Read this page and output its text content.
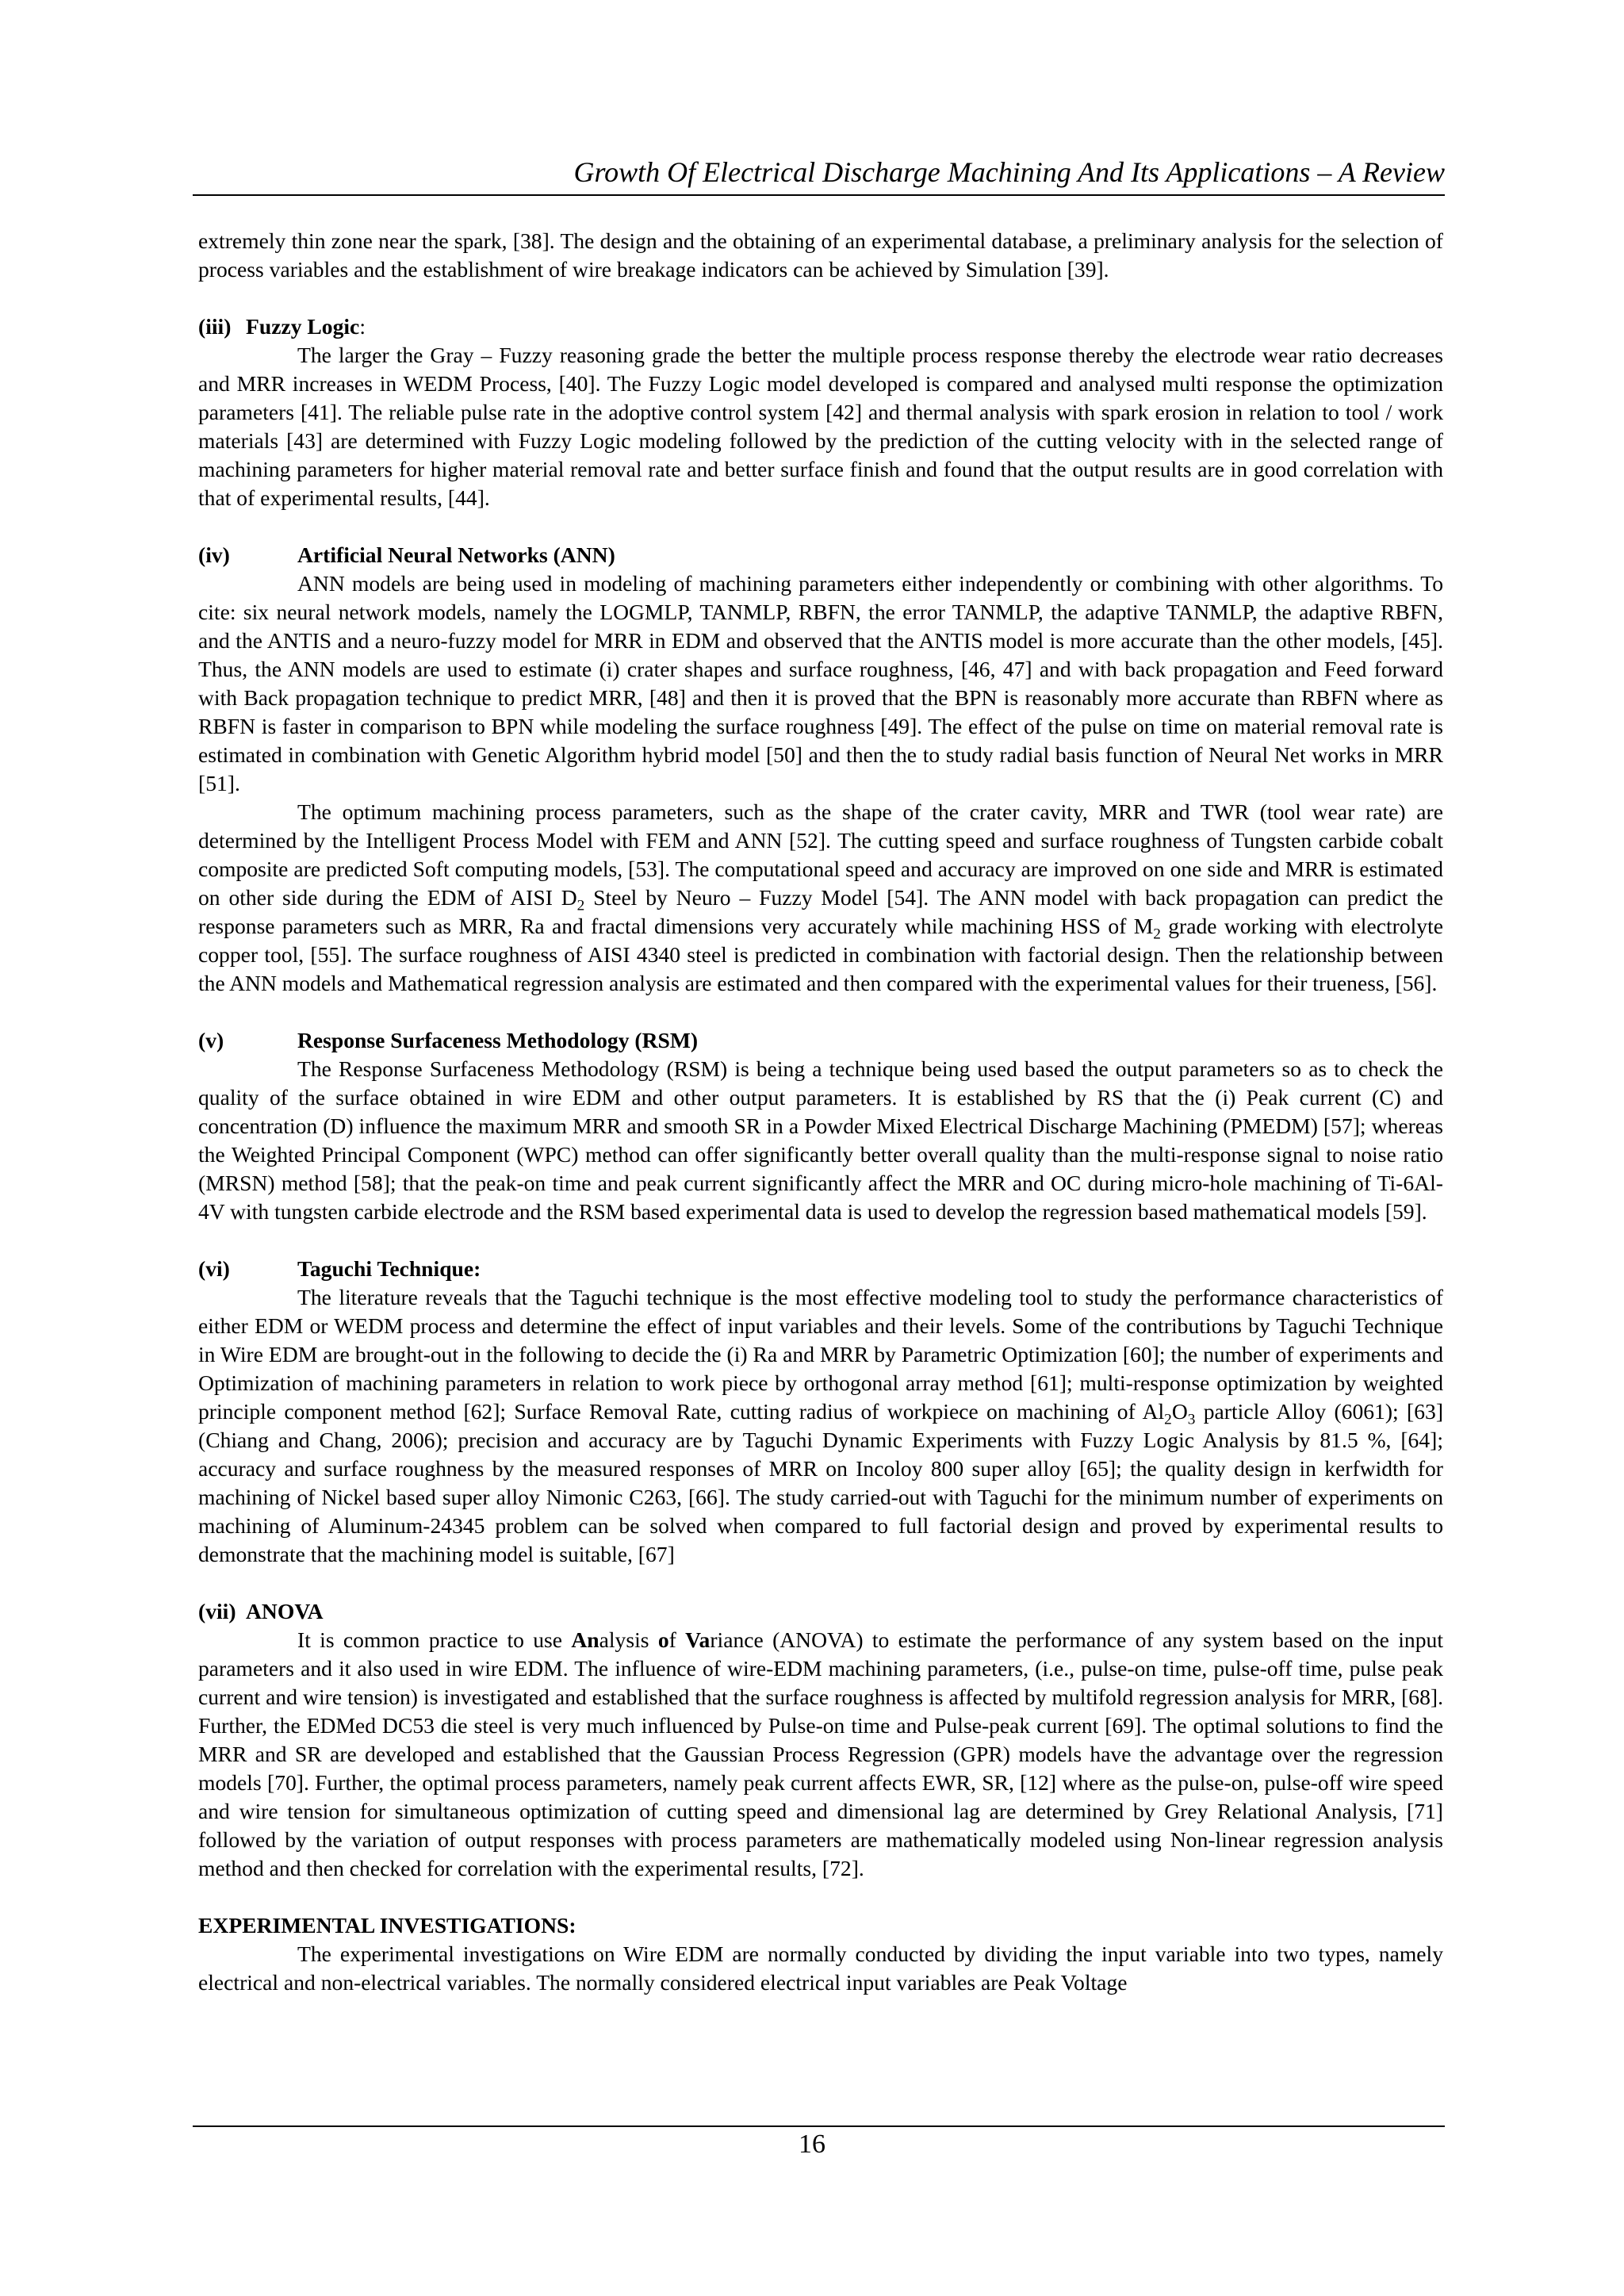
Growth Of Electrical Discharge Machining And Its Applications – A Review

extremely thin zone near the spark, [38]. The design and the obtaining of an experimental database, a preliminary analysis for the selection of process variables and the establishment of wire breakage indicators can be achieved by Simulation [39].

(iii) Fuzzy Logic:

The larger the Gray – Fuzzy reasoning grade the better the multiple process response thereby the electrode wear ratio decreases and MRR increases in WEDM Process, [40]. The Fuzzy Logic model developed is compared and analysed multi response the optimization parameters [41]. The reliable pulse rate in the adoptive control system [42] and thermal analysis with spark erosion in relation to tool / work materials [43] are determined with Fuzzy Logic modeling followed by the prediction of the cutting velocity with in the selected range of machining parameters for higher material removal rate and better surface finish and found that the output results are in good correlation with that of experimental results, [44].

(iv)	Artificial Neural Networks (ANN)

ANN models are being used in modeling of machining parameters either independently or combining with other algorithms. To cite: six neural network models, namely the LOGMLP, TANMLP, RBFN, the error TANMLP, the adaptive TANMLP, the adaptive RBFN, and the ANTIS and a neuro-fuzzy model for MRR in EDM and observed that the ANTIS model is more accurate than the other models, [45]. Thus, the ANN models are used to estimate (i) crater shapes and surface roughness, [46, 47] and with back propagation and Feed forward with Back propagation technique to predict MRR, [48] and then it is proved that the BPN is reasonably more accurate than RBFN where as RBFN is faster in comparison to BPN while modeling the surface roughness [49]. The effect of the pulse on time on material removal rate is estimated in combination with Genetic Algorithm hybrid model [50] and then the to study radial basis function of Neural Net works in MRR [51].

The optimum machining process parameters, such as the shape of the crater cavity, MRR and TWR (tool wear rate) are determined by the Intelligent Process Model with FEM and ANN [52]. The cutting speed and surface roughness of Tungsten carbide cobalt composite are predicted Soft computing models, [53]. The computational speed and accuracy are improved on one side and MRR is estimated on other side during the EDM of AISI $D_2$ Steel by Neuro – Fuzzy Model [54]. The ANN model with back propagation can predict the response parameters such as MRR, Ra and fractal dimensions very accurately while machining HSS of $M_2$ grade working with electrolyte copper tool, [55]. The surface roughness of AISI 4340 steel is predicted in combination with factorial design. Then the relationship between the ANN models and Mathematical regression analysis are estimated and then compared with the experimental values for their trueness, [56].

(v)	Response Surfaceness Methodology (RSM)

The Response Surfaceness Methodology (RSM) is being a technique being used based the output parameters so as to check the quality of the surface obtained in wire EDM and other output parameters. It is established by RS that the (i) Peak current (C) and concentration (D) influence the maximum MRR and smooth SR in a Powder Mixed Electrical Discharge Machining (PMEDM) [57]; whereas the Weighted Principal Component (WPC) method can offer significantly better overall quality than the multi-response signal to noise ratio (MRSN) method [58]; that the peak-on time and peak current significantly affect the MRR and OC during micro-hole machining of Ti-6Al-4V with tungsten carbide electrode and the RSM based experimental data is used to develop the regression based mathematical models [59].

(vi)	Taguchi Technique:

The literature reveals that the Taguchi technique is the most effective modeling tool to study the performance characteristics of either EDM or WEDM process and determine the effect of input variables and their levels. Some of the contributions by Taguchi Technique in Wire EDM are brought-out in the following to decide the (i) Ra and MRR by Parametric Optimization [60]; the number of experiments and Optimization of machining parameters in relation to work piece by orthogonal array method [61]; multi-response optimization by weighted principle component method [62]; Surface Removal Rate, cutting radius of workpiece on machining of $Al_2O_3$ particle Alloy (6061); [63] (Chiang and Chang, 2006); precision and accuracy are by Taguchi Dynamic Experiments with Fuzzy Logic Analysis by 81.5 %, [64]; accuracy and surface roughness by the measured responses of MRR on Incoloy 800 super alloy [65]; the quality design in kerfwidth for machining of Nickel based super alloy Nimonic C263, [66]. The study carried-out with Taguchi for the minimum number of experiments on machining of Aluminum-24345 problem can be solved when compared to full factorial design and proved by experimental results to demonstrate that the machining model is suitable, [67]

(vii) ANOVA

It is common practice to use Analysis of Variance (ANOVA) to estimate the performance of any system based on the input parameters and it also used in wire EDM. The influence of wire-EDM machining parameters, (i.e., pulse-on time, pulse-off time, pulse peak current and wire tension) is investigated and established that the surface roughness is affected by multifold regression analysis for MRR, [68]. Further, the EDMed DC53 die steel is very much influenced by Pulse-on time and Pulse-peak current [69]. The optimal solutions to find the MRR and SR are developed and established that the Gaussian Process Regression (GPR) models have the advantage over the regression models [70]. Further, the optimal process parameters, namely peak current affects EWR, SR, [12] where as the pulse-on, pulse-off wire speed and wire tension for simultaneous optimization of cutting speed and dimensional lag are determined by Grey Relational Analysis, [71] followed by the variation of output responses with process parameters are mathematically modeled using Non-linear regression analysis method and then checked for correlation with the experimental results, [72].

EXPERIMENTAL INVESTIGATIONS:

The experimental investigations on Wire EDM are normally conducted by dividing the input variable into two types, namely electrical and non-electrical variables. The normally considered electrical input variables are Peak Voltage

16
